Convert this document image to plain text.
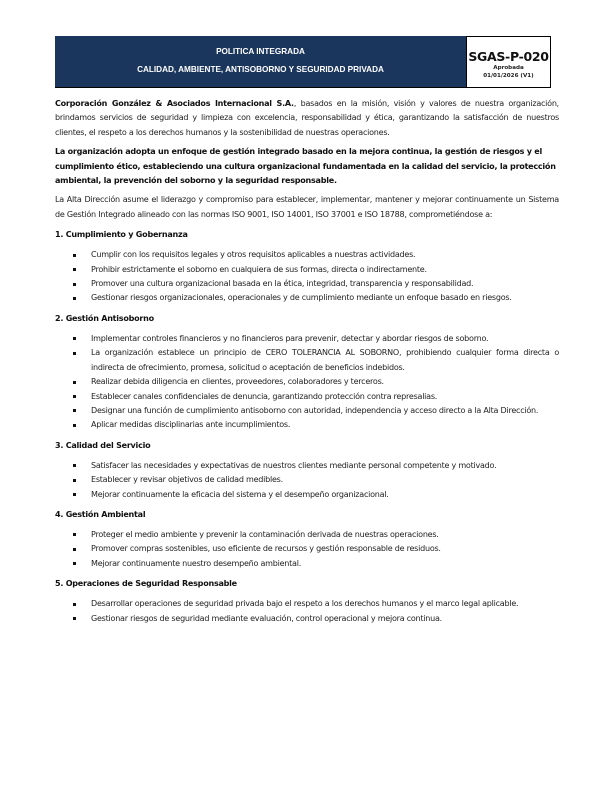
POLITICA INTEGRADA
CALIDAD, AMBIENTE, ANTISOBORNO Y SEGURIDAD PRIVADA
SGAS-P-020
Aprobada
01/01/2026 (V1)

Corporación González & Asociados Internacional S.A., basados en la misión, visión y valores de nuestra organización, brindamos servicios de seguridad y limpieza con excelencia, responsabilidad y ética, garantizando la satisfacción de nuestros clientes, el respeto a los derechos humanos y la sostenibilidad de nuestras operaciones.

La organización adopta un enfoque de gestión integrado basado en la mejora continua, la gestión de riesgos y el cumplimiento ético, estableciendo una cultura organizacional fundamentada en la calidad del servicio, la protección ambiental, la prevención del soborno y la seguridad responsable.

La Alta Dirección asume el liderazgo y compromiso para establecer, implementar, mantener y mejorar continuamente un Sistema de Gestión Integrado alineado con las normas ISO 9001, ISO 14001, ISO 37001 e ISO 18788, comprometiéndose a:

1. Cumplimiento y Gobernanza
Cumplir con los requisitos legales y otros requisitos aplicables a nuestras actividades.
Prohibir estrictamente el soborno en cualquiera de sus formas, directa o indirectamente.
Promover una cultura organizacional basada en la ética, integridad, transparencia y responsabilidad.
Gestionar riesgos organizacionales, operacionales y de cumplimiento mediante un enfoque basado en riesgos.
2. Gestión Antisoborno
Implementar controles financieros y no financieros para prevenir, detectar y abordar riesgos de soborno.
La organización establece un principio de CERO TOLERANCIA AL SOBORNO, prohibiendo cualquier forma directa o indirecta de ofrecimiento, promesa, solicitud o aceptación de beneficios indebidos.
Realizar debida diligencia en clientes, proveedores, colaboradores y terceros.
Establecer canales confidenciales de denuncia, garantizando protección contra represalias.
Designar una función de cumplimiento antisoborno con autoridad, independencia y acceso directo a la Alta Dirección.
Aplicar medidas disciplinarias ante incumplimientos.
3. Calidad del Servicio
Satisfacer las necesidades y expectativas de nuestros clientes mediante personal competente y motivado.
Establecer y revisar objetivos de calidad medibles.
Mejorar continuamente la eficacia del sistema y el desempeño organizacional.
4. Gestión Ambiental
Proteger el medio ambiente y prevenir la contaminación derivada de nuestras operaciones.
Promover compras sostenibles, uso eficiente de recursos y gestión responsable de residuos.
Mejorar continuamente nuestro desempeño ambiental.
5. Operaciones de Seguridad Responsable
Desarrollar operaciones de seguridad privada bajo el respeto a los derechos humanos y el marco legal aplicable.
Gestionar riesgos de seguridad mediante evaluación, control operacional y mejora continua.
